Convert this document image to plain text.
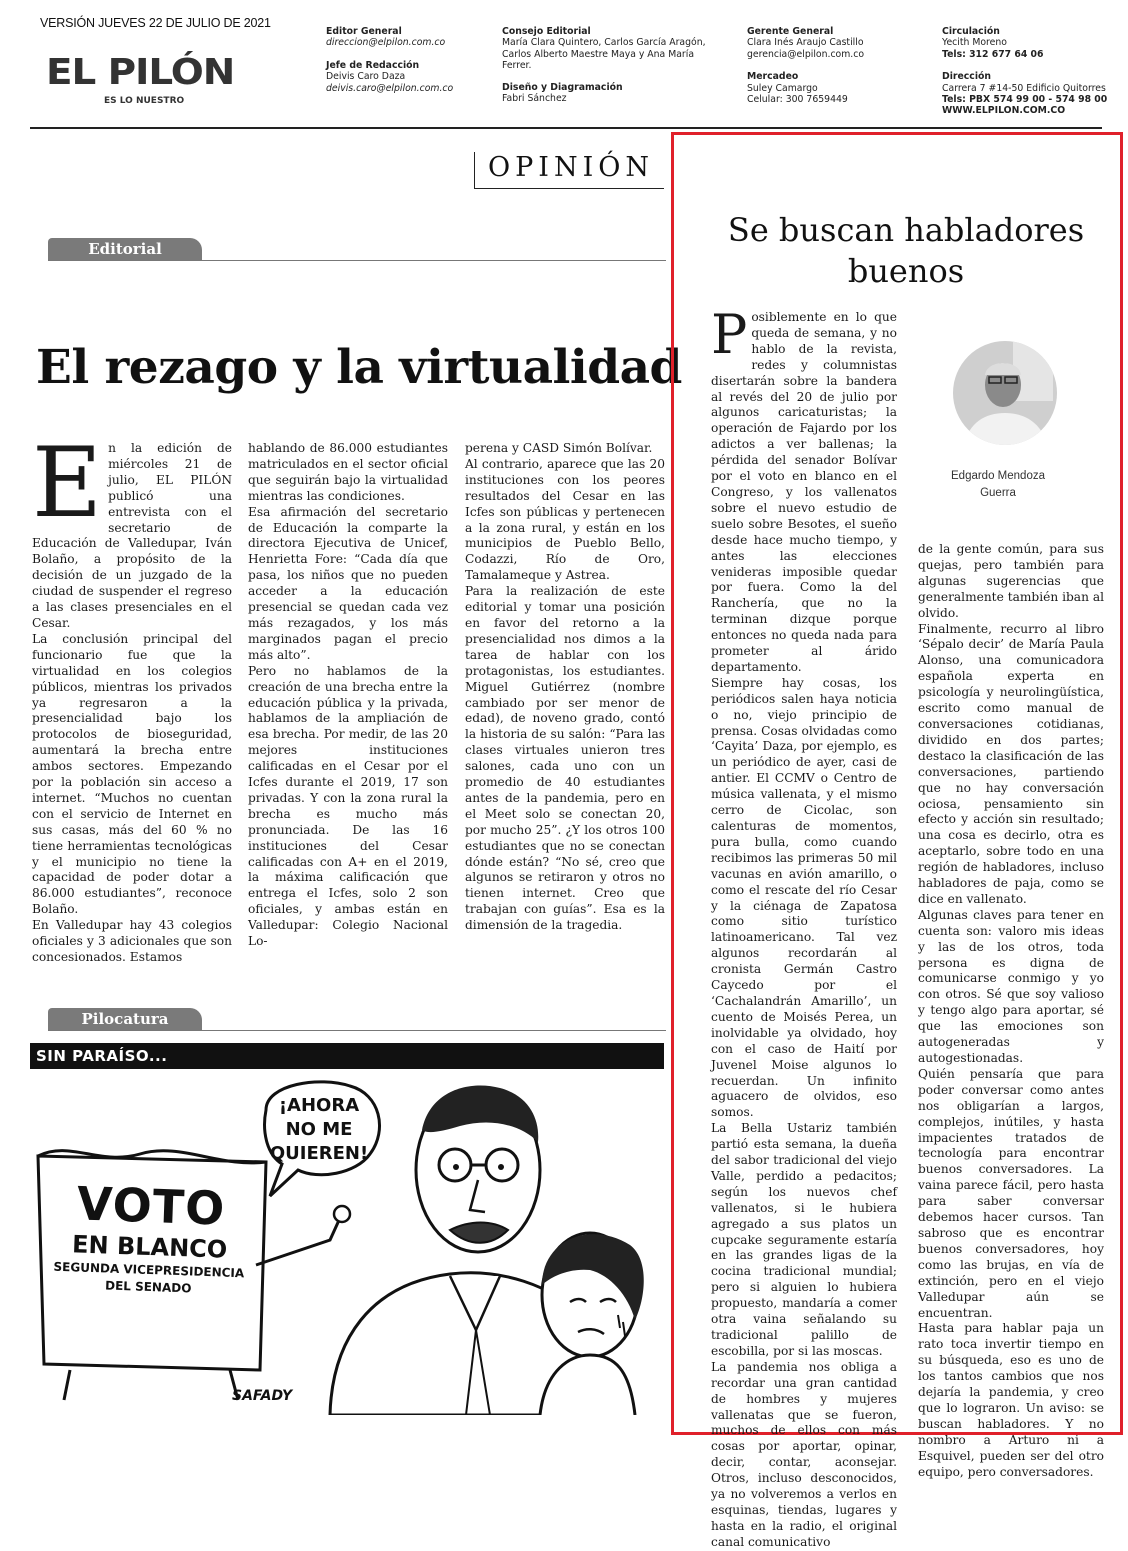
VERSIÓN JUEVES 22 DE JULIO DE 2021
EL PILÓN
ES LO NUESTRO
Editor General
direccion@elpilon.com.co
Jefe de Redacción
Deivis Caro Daza
deivis.caro@elpilon.com.co
Consejo Editorial
María Clara Quintero, Carlos García Aragón, Carlos Alberto Maestre Maya y Ana María Ferrer.
Diseño y Diagramación
Fabri Sánchez
Gerente General
Clara Inés Araujo Castillo
gerencia@elpilon.com.co
Mercadeo
Suley Camargo
Celular: 300 7659449
Circulación
Yecith Moreno
Tels: 312 677 64 06
Dirección
Carrera 7 #14-50 Edificio Quitorres
Tels: PBX 574 99 00 - 574 98 00
WWW.ELPILON.COM.CO
OPINIÓN
Editorial
El rezago y la virtualidad

En la edición de miércoles 21 de julio, EL PILÓN publicó una entrevista con el secretario de Educación de Valledupar, Iván Bolaño, a propósito de la decisión de un juzgado de la ciudad de suspender el regreso a las clases presenciales en el Cesar.

La conclusión principal del funcionario fue que la virtualidad en los colegios públicos, mientras los privados ya regresaron a la presencialidad bajo los protocolos de bioseguridad, aumentará la brecha entre ambos sectores. Empezando por la población sin acceso a internet. “Muchos no cuentan con el servicio de Internet en sus casas, más del 60 % no tiene herramientas tecnológicas y el municipio no tiene la capacidad de poder dotar a 86.000 estudiantes”, reconoce Bolaño.

En Valledupar hay 43 colegios oficiales y 3 adicionales que son concesionados. Estamos

hablando de 86.000 estudiantes matriculados en el sector oficial que seguirán bajo la virtualidad mientras las condiciones.

Esa afirmación del secretario de Educación la comparte la directora Ejecutiva de Unicef, Henrietta Fore: “Cada día que pasa, los niños que no pueden acceder a la educación presencial se quedan cada vez más rezagados, y los más marginados pagan el precio más alto”.

Pero no hablamos de la creación de una brecha entre la educación pública y la privada, hablamos de la ampliación de esa brecha. Por medir, de las 20 mejores instituciones calificadas en el Cesar por el Icfes durante el 2019, 17 son privadas. Y con la zona rural la brecha es mucho más pronunciada. De las 16 instituciones del Cesar calificadas con A+ en el 2019, la máxima calificación que entrega el Icfes, solo 2 son oficiales, y ambas están en Valledupar: Colegio Nacional Lo-

perena y CASD Simón Bolívar.

Al contrario, aparece que las 20 instituciones con los peores resultados del Cesar en las Icfes son públicas y pertenecen a la zona rural, y están en los municipios de Pueblo Bello, Codazzi, Río de Oro, Tamalameque y Astrea.

Para la realización de este editorial y tomar una posición en favor del retorno a la presencialidad nos dimos a la tarea de hablar con los protagonistas, los estudiantes. Miguel Gutiérrez (nombre cambiado por ser menor de edad), de noveno grado, contó la historia de su salón: “Para las clases virtuales unieron tres salones, cada uno con un promedio de 40 estudiantes antes de la pandemia, pero en el Meet solo se conectan 20, por mucho 25”. ¿Y los otros 100 estudiantes que no se conectan dónde están? “No sé, creo que algunos se retiraron y otros no tienen internet. Creo que trabajan con guías”. Esa es la dimensión de la tragedia.

Pilocatura
SIN PARAÍSO...
¡AHORA
NO ME
QUIEREN!
VOTO
EN BLANCO
SEGUNDA VICEPRESIDENCIA
DEL SENADO
SAFADY
Se buscan habladores buenos
Edgardo Mendoza
Guerra

Posiblemente en lo que queda de semana, y no hablo de la revista, redes y columnistas disertarán sobre la bandera al revés del 20 de julio por algunos caricaturistas; la operación de Fajardo por los adictos a ver ballenas; la pérdida del senador Bolívar por el voto en blanco en el Congreso, y los vallenatos sobre el nuevo estudio de suelo sobre Besotes, el sueño desde hace mucho tiempo, y antes las elecciones venideras imposible quedar por fuera. Como la del Ranchería, que no la terminan dizque porque entonces no queda nada para prometer al árido departamento.

Siempre hay cosas, los periódicos salen haya noticia o no, viejo principio de prensa. Cosas olvidadas como ‘Cayita’ Daza, por ejemplo, es un periódico de ayer, casi de antier. El CCMV o Centro de música vallenata, y el mismo cerro de Cicolac, son calenturas de momentos, pura bulla, como cuando recibimos las primeras 50 mil vacunas en avión amarillo, o como el rescate del río Cesar y la ciénaga de Zapatosa como sitio turístico latinoamericano. Tal vez algunos recordarán al cronista Germán Castro Caycedo por el ‘Cachalandrán Amarillo’, un cuento de Moisés Perea, un inolvidable ya olvidado, hoy con el caso de Haití por Juvenel Moise algunos lo recuerdan. Un infinito aguacero de olvidos, eso somos.

La Bella Ustariz también partió esta semana, la dueña del sabor tradicional del viejo Valle, perdido a pedacitos; según los nuevos chef vallenatos, si le hubiera agregado a sus platos un cupcake seguramente estaría en las grandes ligas de la cocina tradicional mundial; pero si alguien lo hubiera propuesto, mandaría a comer otra vaina señalando su tradicional palillo de escobilla, por si las moscas.

La pandemia nos obliga a recordar una gran cantidad de hombres y mujeres vallenatas que se fueron, muchos de ellos con más cosas por aportar, opinar, decir, contar, aconsejar. Otros, incluso desconocidos, ya no volveremos a verlos en esquinas, tiendas, lugares y hasta en la radio, el original canal comunicativo

de la gente común, para sus quejas, pero también para algunas sugerencias que generalmente también iban al olvido.

Finalmente, recurro al libro ‘Sépalo decir’ de María Paula Alonso, una comunicadora española experta en psicología y neurolingüística, escrito como manual de conversaciones cotidianas, dividido en dos partes; destaco la clasificación de las conversaciones, partiendo que no hay conversación ociosa, pensamiento sin efecto y acción sin resultado; una cosa es decirlo, otra es aceptarlo, sobre todo en una región de habladores, incluso habladores de paja, como se dice en vallenato.

Algunas claves para tener en cuenta son: valoro mis ideas y las de los otros, toda persona es digna de comunicarse conmigo y yo con otros. Sé que soy valioso y tengo algo para aportar, sé que las emociones son autogeneradas y autogestionadas.

Quién pensaría que para poder conversar como antes nos obligarían a largos, complejos, inútiles, y hasta impacientes tratados de tecnología para encontrar buenos conversadores. La vaina parece fácil, pero hasta para saber conversar debemos hacer cursos. Tan sabroso que es encontrar buenos conversadores, hoy como las brujas, en vía de extinción, pero en el viejo Valledupar aún se encuentran.

Hasta para hablar paja un rato toca invertir tiempo en su búsqueda, eso es uno de los tantos cambios que nos dejaría la pandemia, y creo que lo lograron. Un aviso: se buscan habladores. Y no nombro a Arturo ni a Esquivel, pueden ser del otro equipo, pero conversadores.
